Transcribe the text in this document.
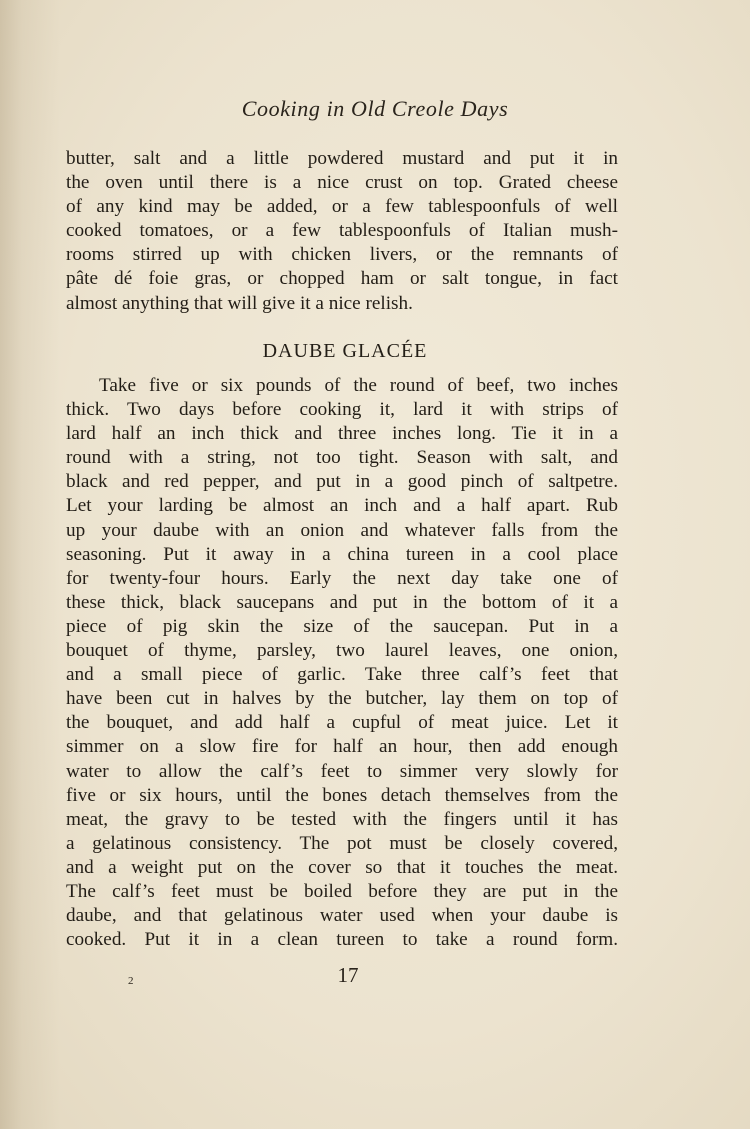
Cooking in Old Creole Days
butter, salt and a little powdered mustard and put it in
the oven until there is a nice crust on top. Grated cheese
of any kind may be added, or a few tablespoonfuls of well
cooked tomatoes, or a few tablespoonfuls of Italian mush-
rooms stirred up with chicken livers, or the remnants of
pâte dé foie gras, or chopped ham or salt tongue, in fact
almost anything that will give it a nice relish.
DAUBE GLACÉE
Take five or six pounds of the round of beef, two inches
thick. Two days before cooking it, lard it with strips of
lard half an inch thick and three inches long. Tie it in a
round with a string, not too tight. Season with salt, and
black and red pepper, and put in a good pinch of saltpetre.
Let your larding be almost an inch and a half apart. Rub
up your daube with an onion and whatever falls from the
seasoning. Put it away in a china tureen in a cool place
for twenty-four hours. Early the next day take one of
these thick, black saucepans and put in the bottom of it a
piece of pig skin the size of the saucepan. Put in a
bouquet of thyme, parsley, two laurel leaves, one onion,
and a small piece of garlic. Take three calf’s feet that
have been cut in halves by the butcher, lay them on top of
the bouquet, and add half a cupful of meat juice. Let it
simmer on a slow fire for half an hour, then add enough
water to allow the calf’s feet to simmer very slowly for
five or six hours, until the bones detach themselves from the
meat, the gravy to be tested with the fingers until it has
a gelatinous consistency. The pot must be closely covered,
and a weight put on the cover so that it touches the meat.
The calf’s feet must be boiled before they are put in the
daube, and that gelatinous water used when your daube is
cooked. Put it in a clean tureen to take a round form.
2	17
